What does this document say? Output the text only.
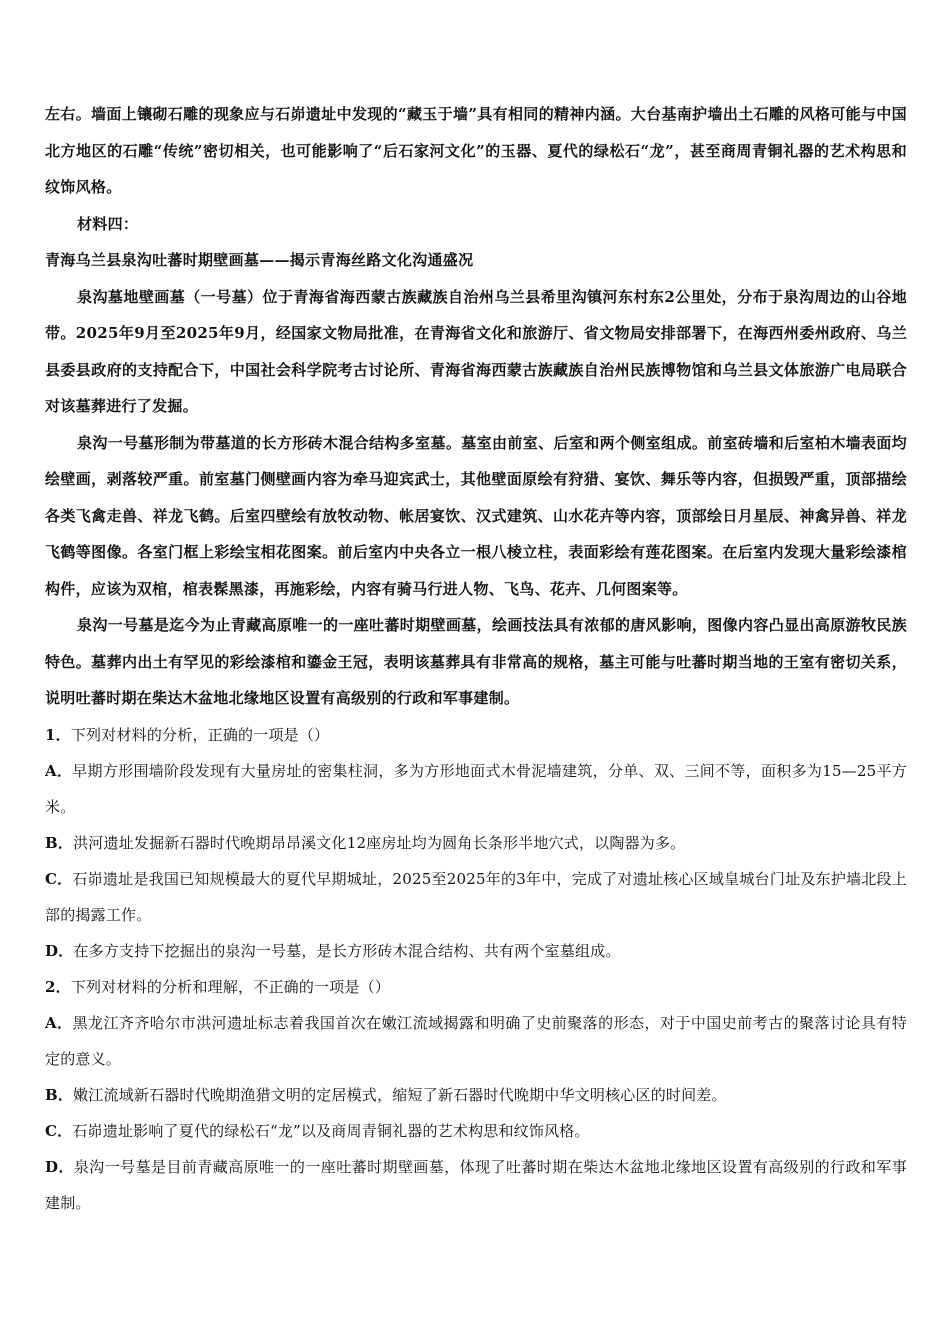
左右。墙面上镶砌石雕的现象应与石峁遗址中发现的“藏玉于墙”具有相同的精神内涵。大台基南护墙出土石雕的风格可能与中国北方地区的石雕“传统”密切相关，也可能影响了“后石家河文化”的玉器、夏代的绿松石“龙”，甚至商周青铜礼器的艺术构思和纹饰风格。

材料四：

青海乌兰县泉沟吐蕃时期壁画墓——揭示青海丝路文化沟通盛况

泉沟墓地壁画墓（一号墓）位于青海省海西蒙古族藏族自治州乌兰县希里沟镇河东村东2公里处，分布于泉沟周边的山谷地带。2025年9月至2025年9月，经国家文物局批准，在青海省文化和旅游厅、省文物局安排部署下，在海西州委州政府、乌兰县委县政府的支持配合下，中国社会科学院考古讨论所、青海省海西蒙古族藏族自治州民族博物馆和乌兰县文体旅游广电局联合对该墓葬进行了发掘。

泉沟一号墓形制为带墓道的长方形砖木混合结构多室墓。墓室由前室、后室和两个侧室组成。前室砖墙和后室柏木墙表面均绘壁画，剥落较严重。前室墓门侧壁画内容为牵马迎宾武士，其他壁面原绘有狩猎、宴饮、舞乐等内容，但损毁严重，顶部描绘各类飞禽走兽、祥龙飞鹤。后室四壁绘有放牧动物、帐居宴饮、汉式建筑、山水花卉等内容，顶部绘日月星辰、神禽异兽、祥龙飞鹤等图像。各室门框上彩绘宝相花图案。前后室内中央各立一根八棱立柱，表面彩绘有莲花图案。在后室内发现大量彩绘漆棺构件，应该为双棺，棺表髹黑漆，再施彩绘，内容有骑马行进人物、飞鸟、花卉、几何图案等。

泉沟一号墓是迄今为止青藏高原唯一的一座吐蕃时期壁画墓，绘画技法具有浓郁的唐风影响，图像内容凸显出高原游牧民族特色。墓葬内出土有罕见的彩绘漆棺和鎏金王冠，表明该墓葬具有非常高的规格，墓主可能与吐蕃时期当地的王室有密切关系，说明吐蕃时期在柴达木盆地北缘地区设置有高级别的行政和军事建制。

1．下列对材料的分析，正确的一项是（）

A．早期方形围墙阶段发现有大量房址的密集柱洞，多为方形地面式木骨泥墙建筑，分单、双、三间不等，面积多为15—25平方米。

B．洪河遗址发掘新石器时代晚期昂昂溪文化12座房址均为圆角长条形半地穴式，以陶器为多。

C．石峁遗址是我国已知规模最大的夏代早期城址，2025至2025年的3年中，完成了对遗址核心区域皇城台门址及东护墙北段上部的揭露工作。

D．在多方支持下挖掘出的泉沟一号墓，是长方形砖木混合结构、共有两个室墓组成。

2．下列对材料的分析和理解，不正确的一项是（）

A．黑龙江齐齐哈尔市洪河遗址标志着我国首次在嫩江流域揭露和明确了史前聚落的形态，对于中国史前考古的聚落讨论具有特定的意义。

B．嫩江流域新石器时代晚期渔猎文明的定居模式，缩短了新石器时代晚期中华文明核心区的时间差。

C．石峁遗址影响了夏代的绿松石“龙”以及商周青铜礼器的艺术构思和纹饰风格。

D．泉沟一号墓是目前青藏高原唯一的一座吐蕃时期壁画墓，体现了吐蕃时期在柴达木盆地北缘地区设置有高级别的行政和军事建制。
